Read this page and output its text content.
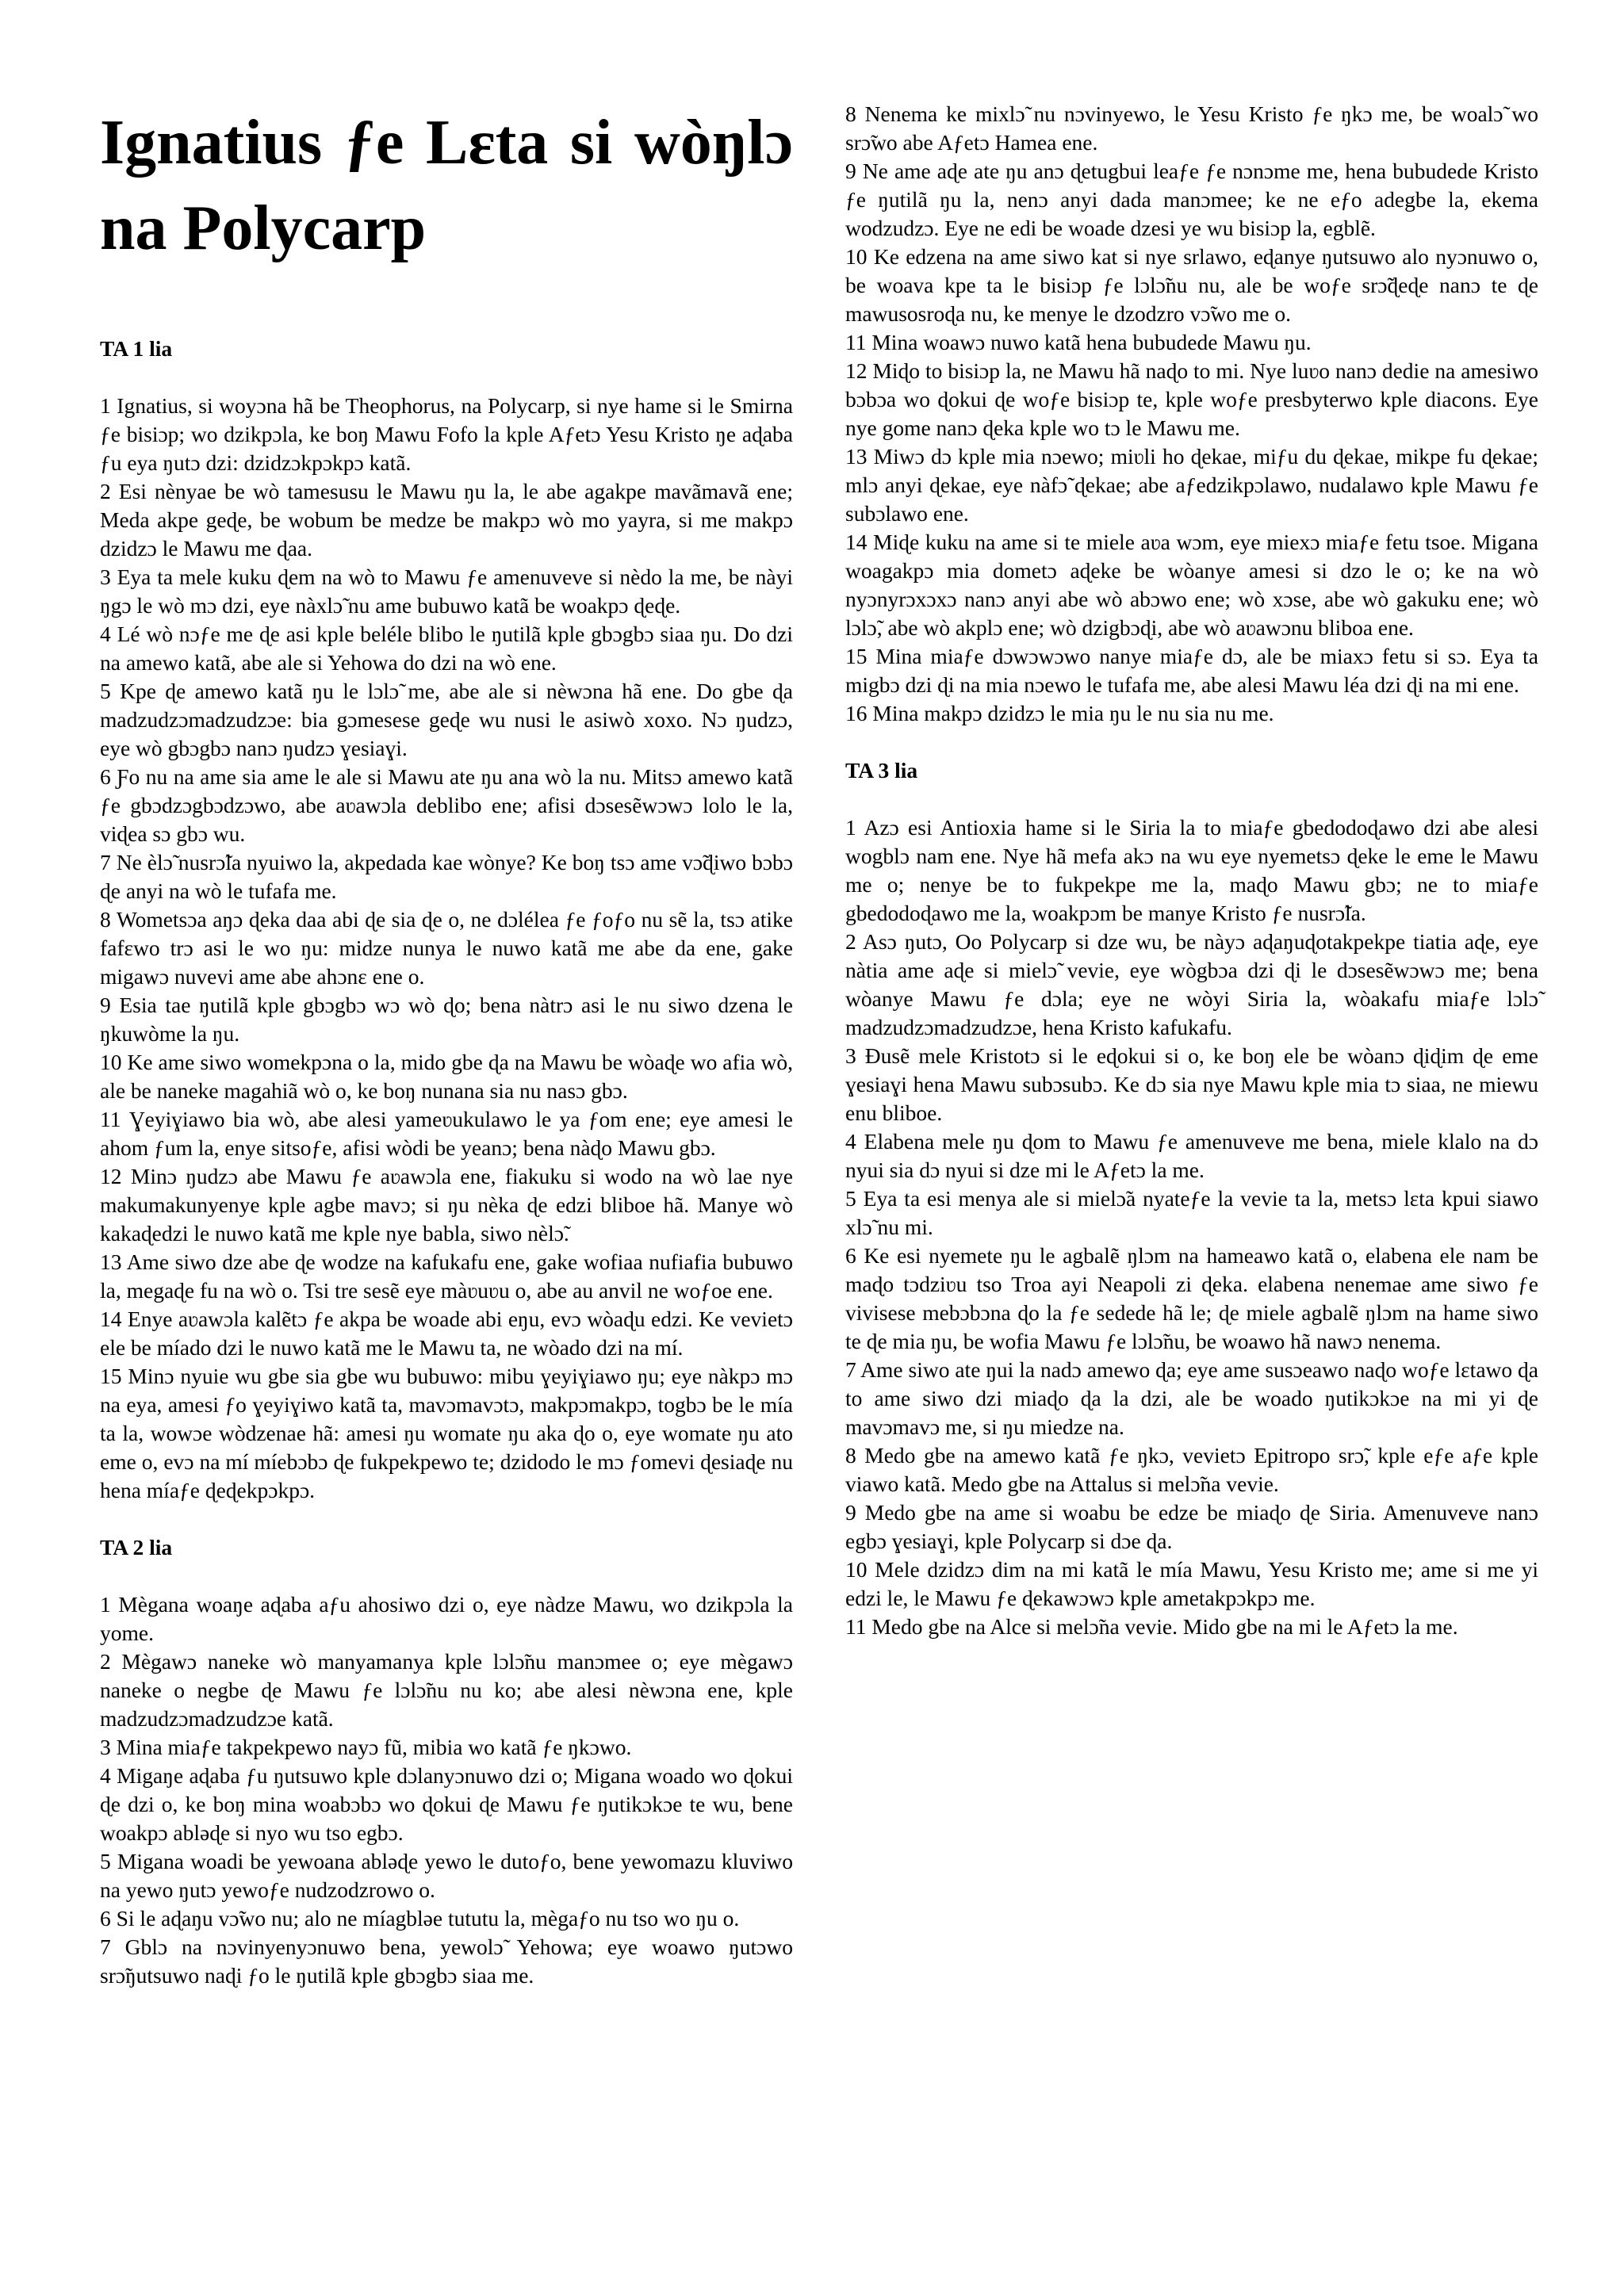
Ignatius ƒe Lɛta si wòŋlɔ na Polycarp
TA 1 lia

1 Ignatius, si woyɔna hã be Theophorus, na Polycarp, si nye hame si le Smirna ƒe bisiɔp; wo dzikpɔla, ke boŋ Mawu Fofo la kple Aƒetɔ Yesu Kristo ŋe aɖaba ƒu eya ŋutɔ dzi: dzidzɔkpɔkpɔ katã.

2 Esi nènyae be wò tamesusu le Mawu ŋu la, le abe agakpe mavãmavã ene; Meda akpe geɖe, be wobum be medze be makpɔ wò mo yayra, si me makpɔ dzidzɔ le Mawu me ɖaa.

3 Eya ta mele kuku ɖem na wò to Mawu ƒe amenuveve si nèdo la me, be nàyi ŋgɔ le wò mɔ dzi, eye nàxlɔ̃ nu ame bubuwo katã be woakpɔ ɖeɖe.

4 Lé wò nɔƒe me ɖe asi kple beléle blibo le ŋutilã kple gbɔgbɔ siaa ŋu. Do dzi na amewo katã, abe ale si Yehowa do dzi na wò ene.

5 Kpe ɖe amewo katã ŋu le lɔlɔ̃ me, abe ale si nèwɔna hã ene. Do gbe ɖa madzudzɔmadzudzɔe: bia gɔmesese geɖe wu nusi le asiwò xoxo. Nɔ ŋudzɔ, eye wò gbɔgbɔ nanɔ ŋudzɔ ɣesiaɣi.

6 Ƒo nu na ame sia ame le ale si Mawu ate ŋu ana wò la nu. Mitsɔ amewo katã ƒe gbɔdzɔgbɔdzɔwo, abe aʋawɔla deblibo ene; afisi dɔsesẽwɔwɔ lolo le la, viɖea sɔ gbɔ wu.

7 Ne èlɔ̃ nusrɔ̃la nyuiwo la, akpedada kae wònye? Ke boŋ tsɔ ame vɔ̃ɖiwo bɔbɔ ɖe anyi na wò le tufafa me.

8 Wometsɔa aŋɔ ɖeka daa abi ɖe sia ɖe o, ne dɔlélea ƒe ƒoƒo nu sẽ la, tsɔ atike fafɛwo trɔ asi le wo ŋu: midze nunya le nuwo katã me abe da ene, gake migawɔ nuvevi ame abe ahɔnɛ ene o.

9 Esia tae ŋutilã kple gbɔgbɔ wɔ wò ɖo; bena nàtrɔ asi le nu siwo dzena le ŋkuwòme la ŋu.

10 Ke ame siwo womekpɔna o la, mido gbe ɖa na Mawu be wòaɖe wo afia wò, ale be naneke magahiã wò o, ke boŋ nunana sia nu nasɔ gbɔ.

11 Ɣeyiɣiawo bia wò, abe alesi yameʋukulawo le ya ƒom ene; eye amesi le ahom ƒum la, enye sitsoƒe, afisi wòdi be yeanɔ; bena nàɖo Mawu gbɔ.

12 Minɔ ŋudzɔ abe Mawu ƒe aʋawɔla ene, fiakuku si wodo na wò lae nye makumakunyenye kple agbe mavɔ; si ŋu nèka ɖe edzi bliboe hã. Manye wò kakaɖedzi le nuwo katã me kple nye babla, siwo nèlɔ̃.

13 Ame siwo dze abe ɖe wodze na kafukafu ene, gake wofiaa nufiafia bubuwo la, megaɖe fu na wò o. Tsi tre sesẽ eye màʋuʋu o, abe au anvil ne woƒoe ene.

14 Enye aʋawɔla kalẽtɔ ƒe akpa be woade abi eŋu, evɔ wòaɖu edzi. Ke vevietɔ ele be míado dzi le nuwo katã me le Mawu ta, ne wòado dzi na mí.

15 Minɔ nyuie wu gbe sia gbe wu bubuwo: mibu ɣeyiɣiawo ŋu; eye nàkpɔ mɔ na eya, amesi ƒo ɣeyiɣiwo katã ta, mavɔmavɔtɔ, makpɔmakpɔ, togbɔ be le mía ta la, wowɔe wòdzenae hã: amesi ŋu womate ŋu aka ɖo o, eye womate ŋu ato eme o, evɔ na mí míebɔbɔ ɖe fukpekpewo te; dzidodo le mɔ ƒomevi ɖesiaɖe nu hena míaƒe ɖeɖekpɔkpɔ.

TA 2 lia

1 Mègana woaŋe aɖaba aƒu ahosiwo dzi o, eye nàdze Mawu, wo dzikpɔla la yome.

2 Mègawɔ naneke wò manyamanya kple lɔlɔ̃nu manɔmee o; eye mègawɔ naneke o negbe ɖe Mawu ƒe lɔlɔ̃nu nu ko; abe alesi nèwɔna ene, kple madzudzɔmadzudzɔe katã.

3 Mina miaƒe takpekpewo nayɔ fũ, mibia wo katã ƒe ŋkɔwo.

4 Migaŋe aɖaba ƒu ŋutsuwo kple dɔlanyɔnuwo dzi o; Migana woado wo ɖokui ɖe dzi o, ke boŋ mina woabɔbɔ wo ɖokui ɖe Mawu ƒe ŋutikɔkɔe te wu, bene woakpɔ abləɖe si nyo wu tso egbɔ.

5 Migana woadi be yewoana abləɖe yewo le dutoƒo, bene yewomazu kluviwo na yewo ŋutɔ yewoƒe nudzodzrowo o.

6 Si le aɖaŋu vɔ̃wo nu; alo ne míagbləe tututu la, mègaƒo nu tso wo ŋu o.

7 Gblɔ na nɔvinyenyɔnuwo bena, yewolɔ̃ Yehowa; eye woawo ŋutɔwo srɔ̃ŋutsuwo naɖi ƒo le ŋutilã kple gbɔgbɔ siaa me.

8 Nenema ke mixlɔ̃ nu nɔvinyewo, le Yesu Kristo ƒe ŋkɔ me, be woalɔ̃ wo srɔ̃wo abe Aƒetɔ Hamea ene.

9 Ne ame aɖe ate ŋu anɔ ɖetugbui leaƒe ƒe nɔnɔme me, hena bubudede Kristo ƒe ŋutilã ŋu la, nenɔ anyi dada manɔmee; ke ne eƒo adegbe la, ekema wodzudzɔ. Eye ne edi be woade dzesi ye wu bisiɔp la, egblẽ.

10 Ke edzena na ame siwo kat si nye srlawo, eɖanye ŋutsuwo alo nyɔnuwo o, be woava kpe ta le bisiɔp ƒe lɔlɔ̃nu nu, ale be woƒe srɔ̃ɖeɖe nanɔ te ɖe mawusosroɖa nu, ke menye le dzodzro vɔ̃wo me o.

11 Mina woawɔ nuwo katã hena bubudede Mawu ŋu.

12 Miɖo to bisiɔp la, ne Mawu hã naɖo to mi. Nye luʋo nanɔ dedie na amesiwo bɔbɔa wo ɖokui ɖe woƒe bisiɔp te, kple woƒe presbyterwo kple diacons. Eye nye gome nanɔ ɖeka kple wo tɔ le Mawu me.

13 Miwɔ dɔ kple mia nɔewo; miʋli ho ɖekae, miƒu du ɖekae, mikpe fu ɖekae; mlɔ anyi ɖekae, eye nàfɔ̃ ɖekae; abe aƒedzikpɔlawo, nudalawo kple Mawu ƒe subɔlawo ene.

14 Miɖe kuku na ame si te miele aʋa wɔm, eye miexɔ miaƒe fetu tsoe. Migana woagakpɔ mia dometɔ aɖeke be wòanye amesi si dzo le o; ke na wò nyɔnyrɔxɔxɔ nanɔ anyi abe wò abɔwo ene; wò xɔse, abe wò gakuku ene; wò lɔlɔ̃, abe wò akplɔ ene; wò dzigbɔɖi, abe wò aʋawɔnu bliboa ene.

15 Mina miaƒe dɔwɔwɔwo nanye miaƒe dɔ, ale be miaxɔ fetu si sɔ. Eya ta migbɔ dzi ɖi na mia nɔewo le tufafa me, abe alesi Mawu léa dzi ɖi na mi ene.

16 Mina makpɔ dzidzɔ le mia ŋu le nu sia nu me.

TA 3 lia

1 Azɔ esi Antioxia hame si le Siria la to miaƒe gbedodoɖawo dzi abe alesi wogblɔ nam ene. Nye hã mefa akɔ na wu eye nyemetsɔ ɖeke le eme le Mawu me o; nenye be to fukpekpe me la, maɖo Mawu gbɔ; ne to miaƒe gbedodoɖawo me la, woakpɔm be manye Kristo ƒe nusrɔ̃la.

2 Asɔ ŋutɔ, Oo Polycarp si dze wu, be nàyɔ aɖaŋuɖotakpekpe tiatia aɖe, eye nàtia ame aɖe si mielɔ̃ vevie, eye wògbɔa dzi ɖi le dɔsesẽwɔwɔ me; bena wòanye Mawu ƒe dɔla; eye ne wòyi Siria la, wòakafu miaƒe lɔlɔ̃ madzudzɔmadzudzɔe, hena Kristo kafukafu.

3 Ɖusẽ mele Kristotɔ si le eɖokui si o, ke boŋ ele be wòanɔ ɖiɖim ɖe eme ɣesiaɣi hena Mawu subɔsubɔ. Ke dɔ sia nye Mawu kple mia tɔ siaa, ne miewu enu bliboe.

4 Elabena mele ŋu ɖom to Mawu ƒe amenuveve me bena, miele klalo na dɔ nyui sia dɔ nyui si dze mi le Aƒetɔ la me.

5 Eya ta esi menya ale si mielɔ̃a nyateƒe la vevie ta la, metsɔ lɛta kpui siawo xlɔ̃ nu mi.

6 Ke esi nyemete ŋu le agbalẽ ŋlɔm na hameawo katã o, elabena ele nam be maɖo tɔdziʋu tso Troa ayi Neapoli zi ɖeka. elabena nenemae ame siwo ƒe vivisese mebɔbɔna ɖo la ƒe sedede hã le; ɖe miele agbalẽ ŋlɔm na hame siwo te ɖe mia ŋu, be wofia Mawu ƒe lɔlɔ̃nu, be woawo hã nawɔ nenema.

7 Ame siwo ate ŋui la nadɔ amewo ɖa; eye ame susɔeawo naɖo woƒe lɛtawo ɖa to ame siwo dzi miaɖo ɖa la dzi, ale be woado ŋutikɔkɔe na mi yi ɖe mavɔmavɔ me, si ŋu miedze na.

8 Medo gbe na amewo katã ƒe ŋkɔ, vevietɔ Epitropo srɔ̃, kple eƒe aƒe kple viawo katã. Medo gbe na Attalus si melɔ̃na vevie.

9 Medo gbe na ame si woabu be edze be miaɖo ɖe Siria. Amenuveve nanɔ egbɔ ɣesiaɣi, kple Polycarp si dɔe ɖa.

10 Mele dzidzɔ dim na mi katã le mía Mawu, Yesu Kristo me; ame si me yi edzi le, le Mawu ƒe ɖekawɔwɔ kple ametakpɔkpɔ me.

11 Medo gbe na Alce si melɔ̃na vevie. Mido gbe na mi le Aƒetɔ la me.
